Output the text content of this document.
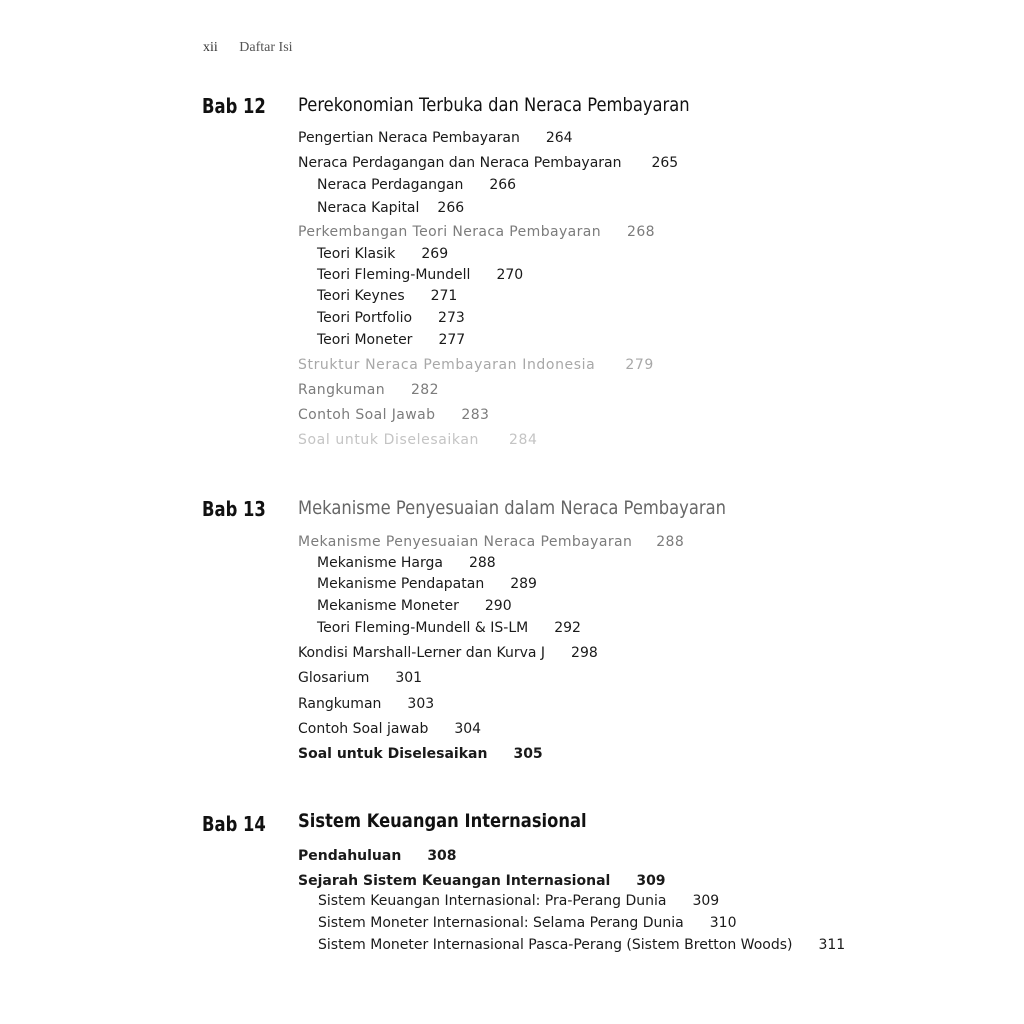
xii Daftar Isi
Bab 12 Perekonomian Terbuka dan Neraca Pembayaran
Pengertian Neraca Pembayaran 264
Neraca Perdagangan dan Neraca Pembayaran 265
Neraca Perdagangan 266
Neraca Kapital 266
Perkembangan Teori Neraca Pembayaran 268
Teori Klasik 269
Teori Fleming-Mundell 270
Teori Keynes 271
Teori Portfolio 273
Teori Moneter 277
Struktur Neraca Pembayaran Indonesia 279
Rangkuman 282
Contoh Soal Jawab 283
Soal untuk Diselesaikan 284
Bab 13 Mekanisme Penyesuaian dalam Neraca Pembayaran
Mekanisme Penyesuaian Neraca Pembayaran 288
Mekanisme Harga 288
Mekanisme Pendapatan 289
Mekanisme Moneter 290
Teori Fleming-Mundell & IS-LM 292
Kondisi Marshall-Lerner dan Kurva J 298
Glosarium 301
Rangkuman 303
Contoh Soal jawab 304
Soal untuk Diselesaikan 305
Bab 14 Sistem Keuangan Internasional
Pendahuluan 308
Sejarah Sistem Keuangan Internasional 309
Sistem Keuangan Internasional: Pra-Perang Dunia 309
Sistem Moneter Internasional: Selama Perang Dunia 310
Sistem Moneter Internasional Pasca-Perang (Sistem Bretton Woods) 311
